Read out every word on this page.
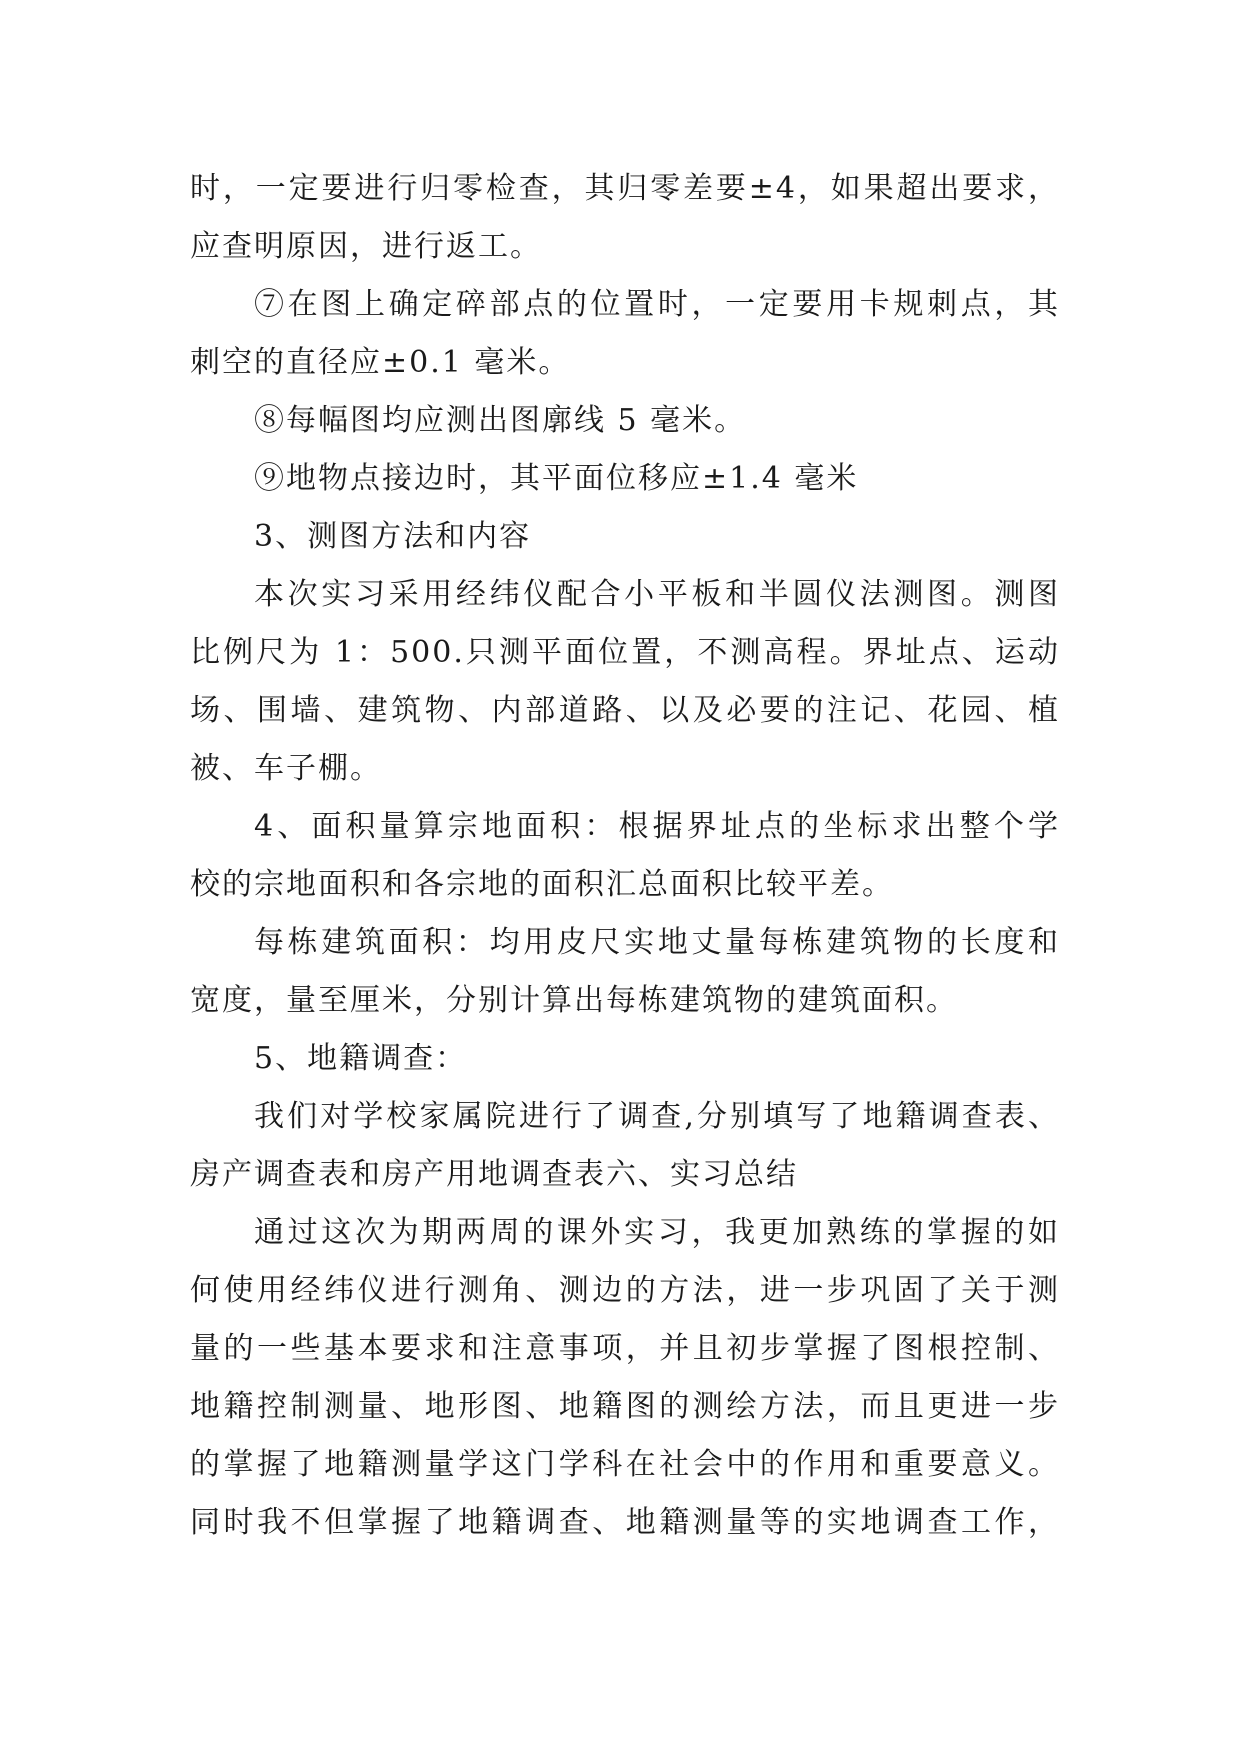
时，一定要进行归零检查，其归零差要±4，如果超出要求，
应查明原因，进行返工。
⑦在图上确定碎部点的位置时，一定要用卡规刺点，其
刺空的直径应±0.1 毫米。
⑧每幅图均应测出图廓线 5 毫米。
⑨地物点接边时，其平面位移应±1.4 毫米
3、测图方法和内容
本次实习采用经纬仪配合小平板和半圆仪法测图。测图
比例尺为 1：500.只测平面位置，不测高程。界址点、运动
场、围墙、建筑物、内部道路、以及必要的注记、花园、植
被、车子棚。
4、面积量算宗地面积：根据界址点的坐标求出整个学
校的宗地面积和各宗地的面积汇总面积比较平差。
每栋建筑面积：均用皮尺实地丈量每栋建筑物的长度和
宽度，量至厘米，分别计算出每栋建筑物的建筑面积。
5、地籍调查：
我们对学校家属院进行了调查,分别填写了地籍调查表、
房产调查表和房产用地调查表六、实习总结
通过这次为期两周的课外实习，我更加熟练的掌握的如
何使用经纬仪进行测角、测边的方法，进一步巩固了关于测
量的一些基本要求和注意事项，并且初步掌握了图根控制、
地籍控制测量、地形图、地籍图的测绘方法，而且更进一步
的掌握了地籍测量学这门学科在社会中的作用和重要意义。
同时我不但掌握了地籍调查、地籍测量等的实地调查工作，
